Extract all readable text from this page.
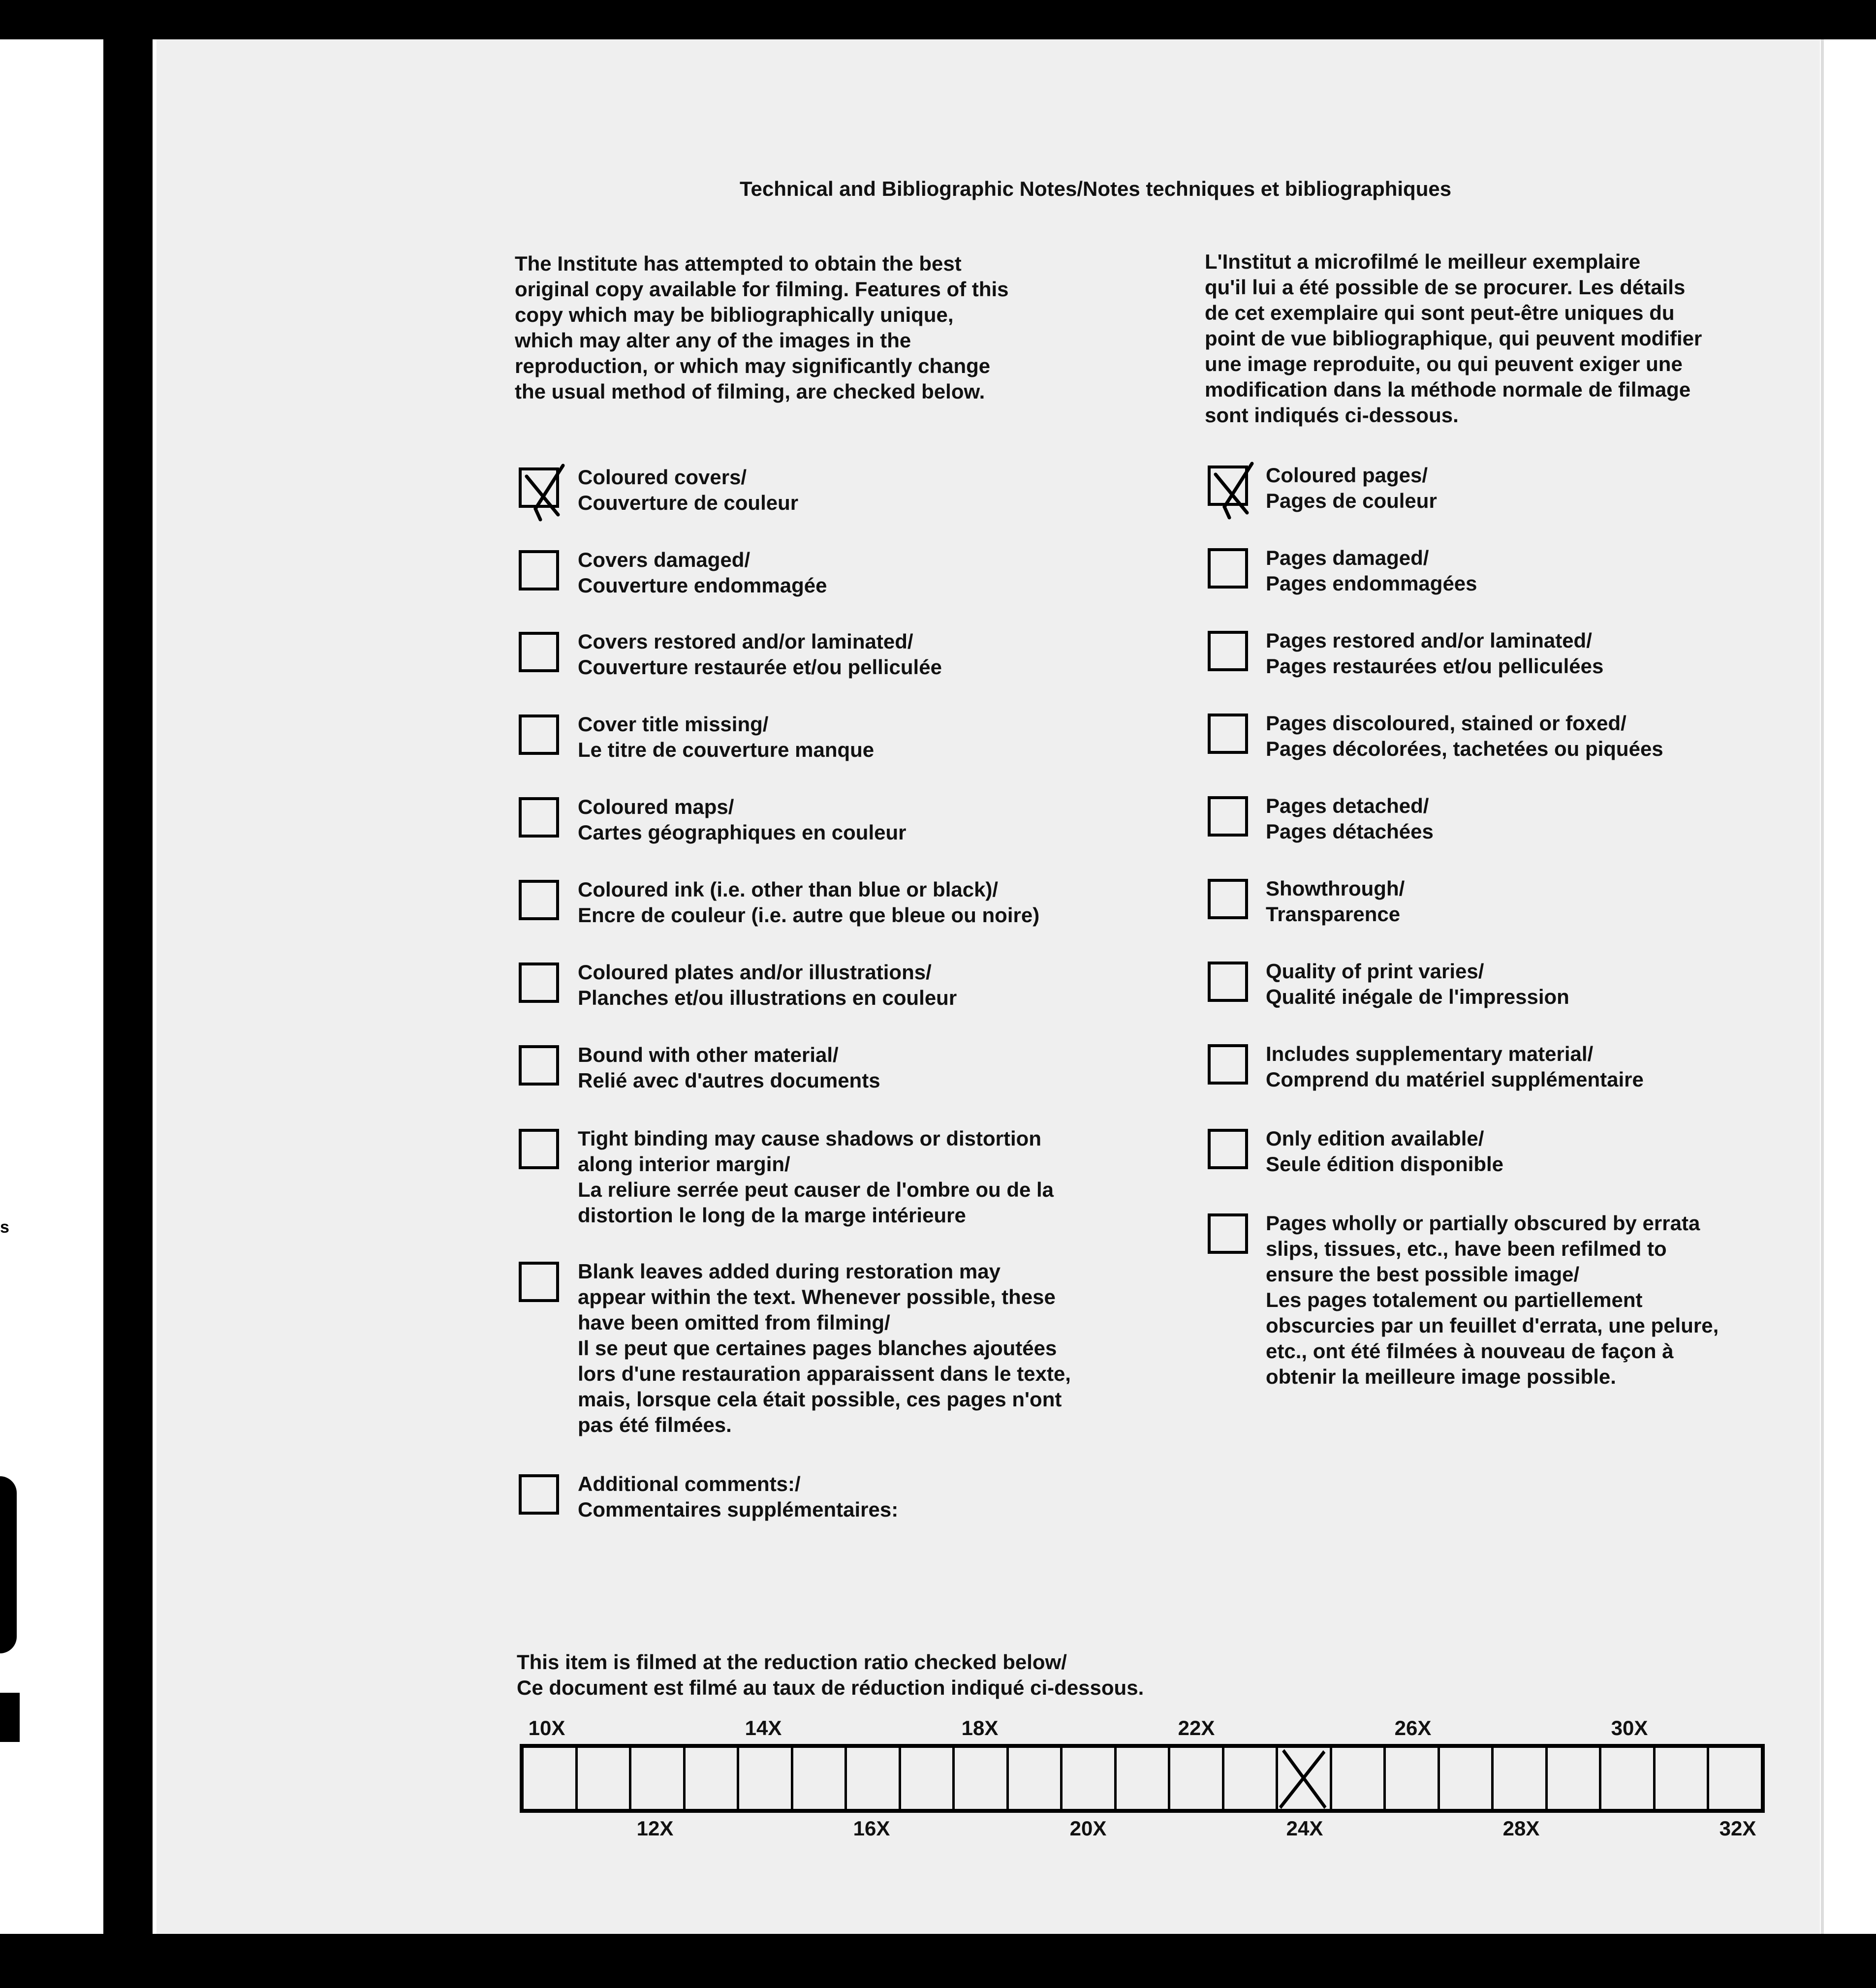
s
Technical and Bibliographic Notes/Notes techniques et bibliographiques
The Institute has attempted to obtain the best
original copy available for filming. Features of this
copy which may be bibliographically unique,
which may alter any of the images in the
reproduction, or which may significantly change
the usual method of filming, are checked below.
L'Institut a microfilmé le meilleur exemplaire
qu'il lui a été possible de se procurer. Les détails
de cet exemplaire qui sont peut-être uniques du
point de vue bibliographique, qui peuvent modifier
une image reproduite, ou qui peuvent exiger une
modification dans la méthode normale de filmage
sont indiqués ci-dessous.
Coloured covers/
Couverture de couleur
Covers damaged/
Couverture endommagée
Covers restored and/or laminated/
Couverture restaurée et/ou pelliculée
Cover title missing/
Le titre de couverture manque
Coloured maps/
Cartes géographiques en couleur
Coloured ink (i.e. other than blue or black)/
Encre de couleur (i.e. autre que bleue ou noire)
Coloured plates and/or illustrations/
Planches et/ou illustrations en couleur
Bound with other material/
Relié avec d'autres documents
Tight binding may cause shadows or distortion
along interior margin/
La reliure serrée peut causer de l'ombre ou de la
distortion le long de la marge intérieure
Blank leaves added during restoration may
appear within the text. Whenever possible, these
have been omitted from filming/
Il se peut que certaines pages blanches ajoutées
lors d'une restauration apparaissent dans le texte,
mais, lorsque cela était possible, ces pages n'ont
pas été filmées.
Additional comments:/
Commentaires supplémentaires:
Coloured pages/
Pages de couleur
Pages damaged/
Pages endommagées
Pages restored and/or laminated/
Pages restaurées et/ou pelliculées
Pages discoloured, stained or foxed/
Pages décolorées, tachetées ou piquées
Pages detached/
Pages détachées
Showthrough/
Transparence
Quality of print varies/
Qualité inégale de l'impression
Includes supplementary material/
Comprend du matériel supplémentaire
Only edition available/
Seule édition disponible
Pages wholly or partially obscured by errata
slips, tissues, etc., have been refilmed to
ensure the best possible image/
Les pages totalement ou partiellement
obscurcies par un feuillet d'errata, une pelure,
etc., ont été filmées à nouveau de façon à
obtenir la meilleure image possible.
This item is filmed at the reduction ratio checked below/
Ce document est filmé au taux de réduction indiqué ci-dessous.
10X	14X	18X	22X	26X	30X
12X	16X	20X	24X	28X	32X
